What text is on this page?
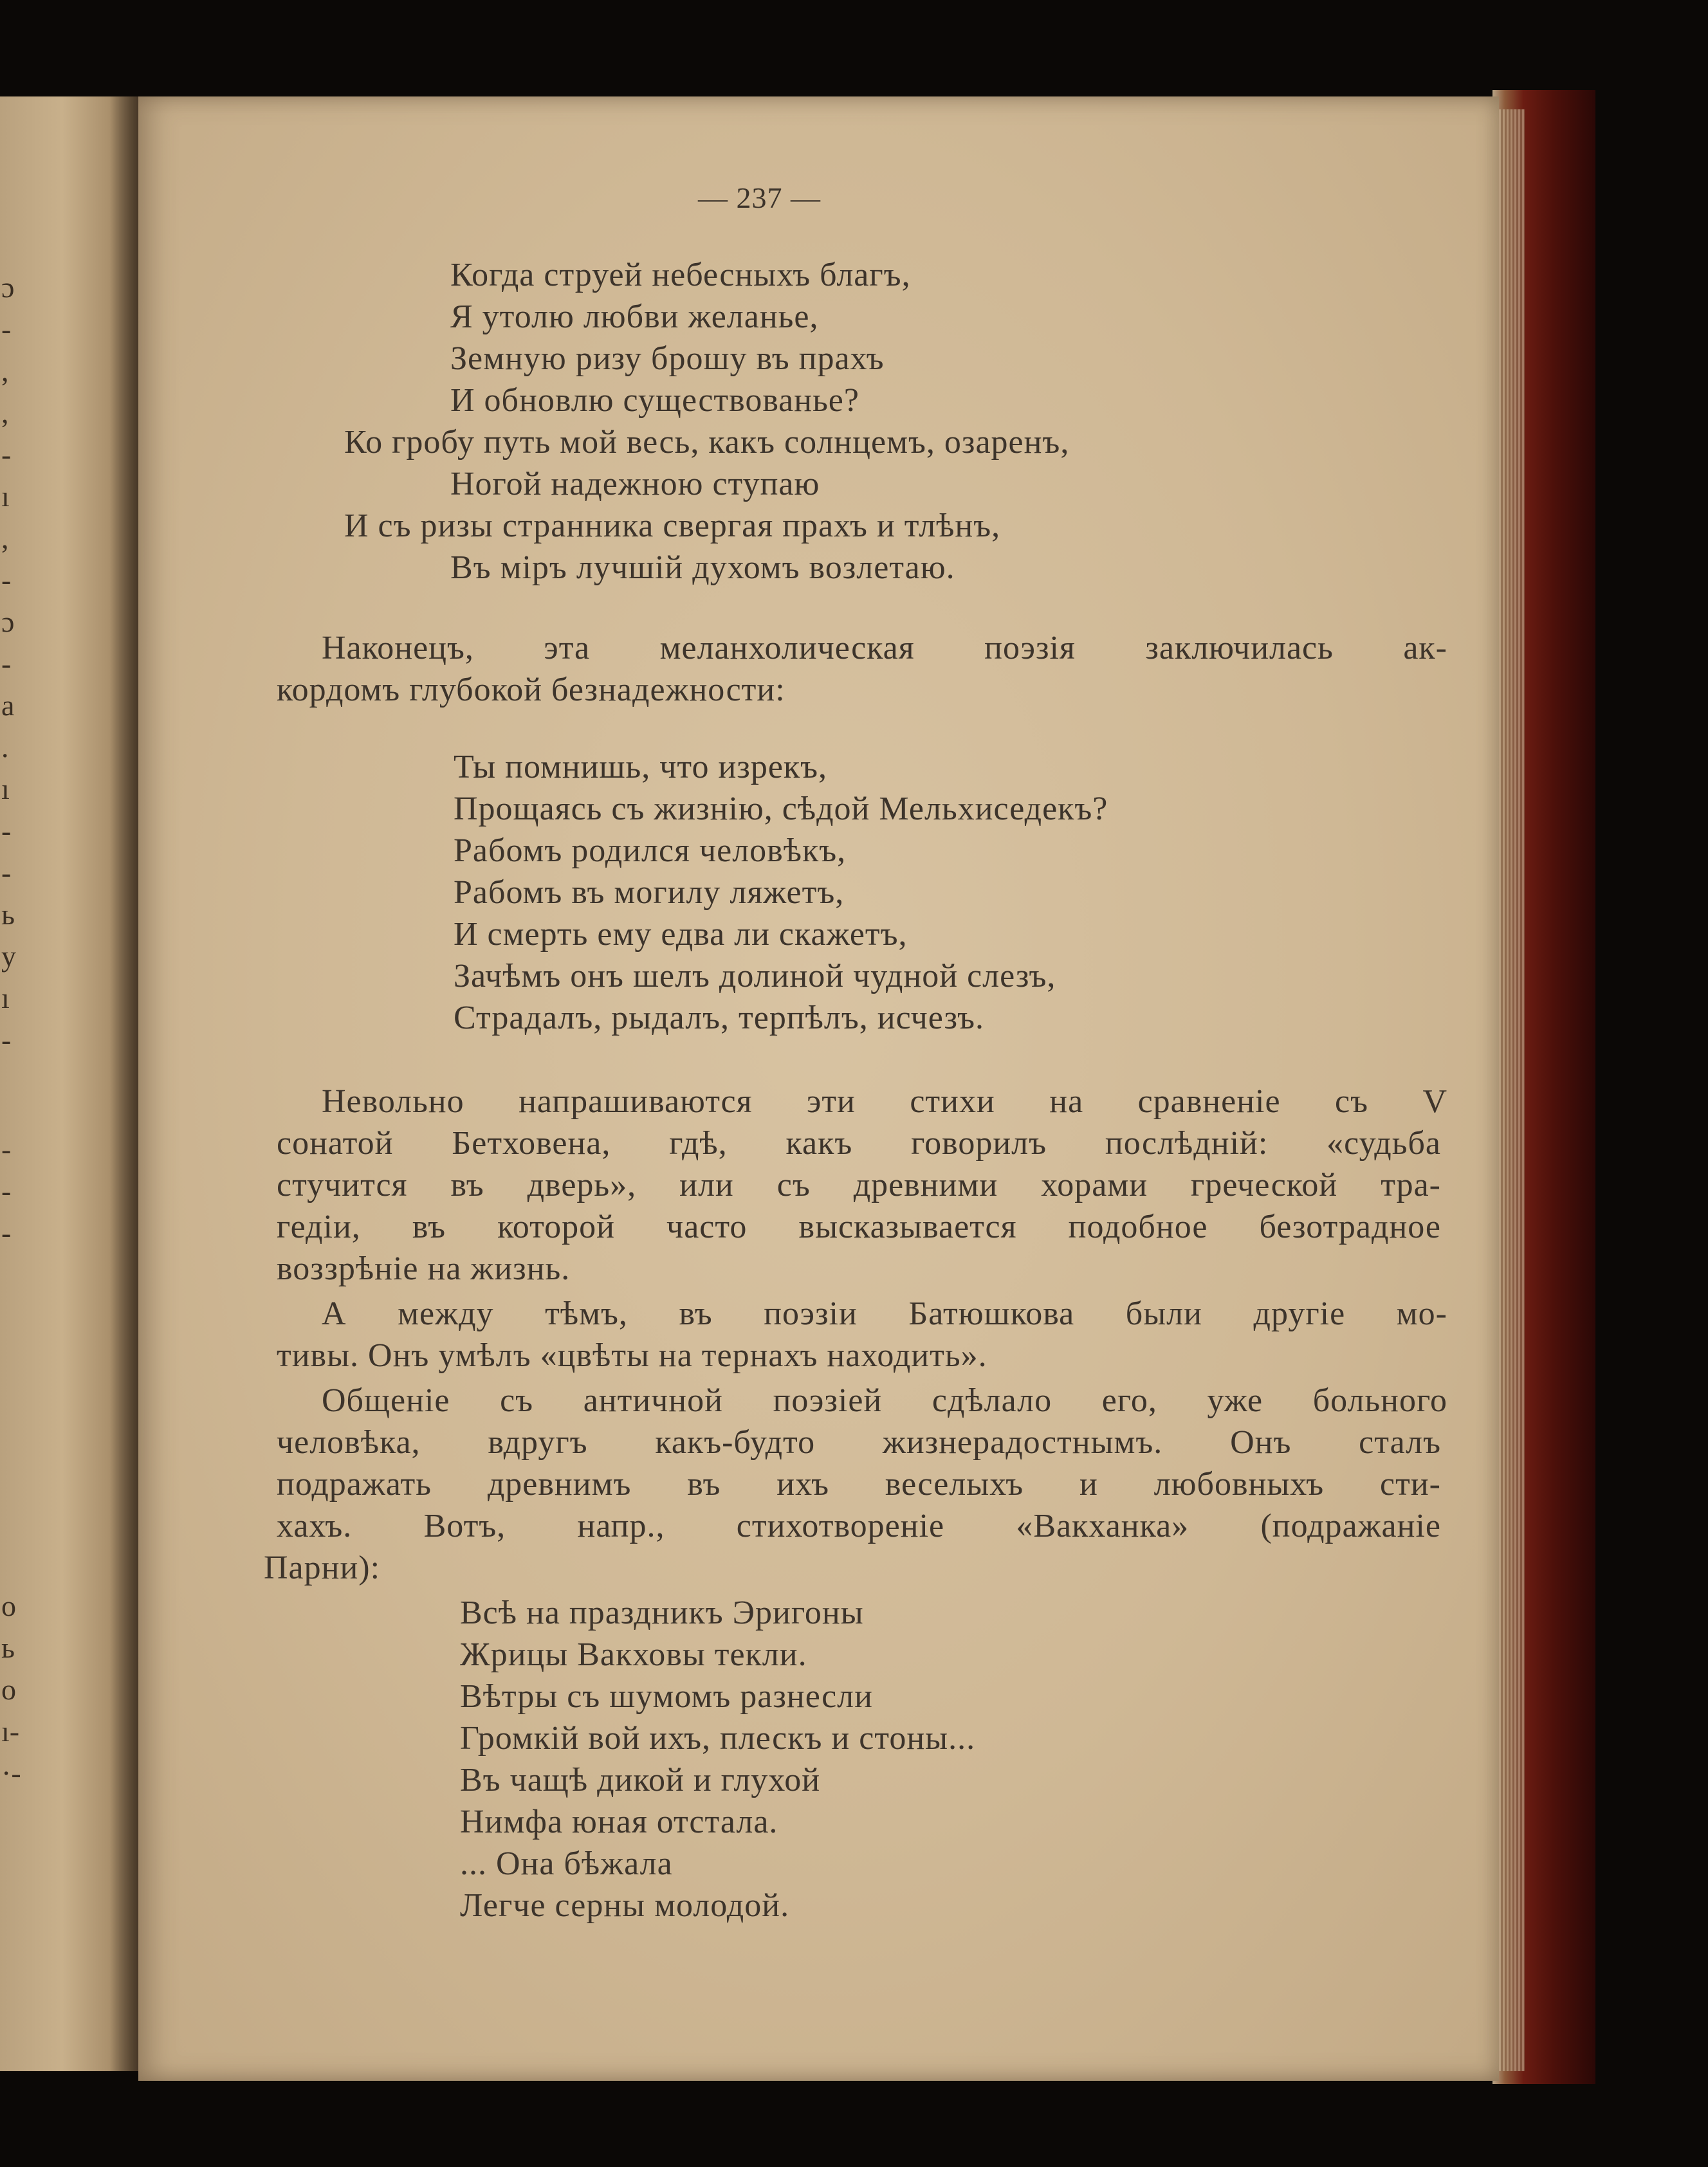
ɔ
-
,
,
-
ı
,
-
ɔ
-
a
.
ı
-
-
ь
y
ı
-
-
-
-
o
ь
o
ı-
·-
— 237 —
Когда струей небесныхъ благъ,
Я утолю любви желанье,
Земную ризу брошу въ прахъ
И обновлю существованье?
Ко гробу путь мой весь, какъ солнцемъ, озаренъ,
Ногой надежною ступаю
И съ ризы странника свергая прахъ и тлѣнъ,
Въ міръ лучшій духомъ возлетаю.
Наконецъ, эта меланхолическая поэзія заключилась ак-
кордомъ глубокой безнадежности:
Ты помнишь, что изрекъ,
Прощаясь съ жизнію, сѣдой Мельхиседекъ?
Рабомъ родился человѣкъ,
Рабомъ въ могилу ляжетъ,
И смерть ему едва ли скажетъ,
Зачѣмъ онъ шелъ долиной чудной слезъ,
Страдалъ, рыдалъ, терпѣлъ, исчезъ.
Невольно напрашиваются эти стихи на сравненіе съ V
сонатой Бетховена, гдѣ, какъ говорилъ послѣдній: «судьба
стучится въ дверь», или съ древними хорами греческой тра-
гедіи, въ которой часто высказывается подобное безотрадное
воззрѣніе на жизнь.
А между тѣмъ, въ поэзіи Батюшкова были другіе мо-
тивы. Онъ умѣлъ «цвѣты на тернахъ находить».
Общеніе съ античной поэзіей сдѣлало его, уже больного
человѣка, вдругъ какъ-будто жизнерадостнымъ. Онъ сталъ
подражать древнимъ въ ихъ веселыхъ и любовныхъ сти-
хахъ. Вотъ, напр., стихотвореніе «Вакханка» (подражаніе
Парни):
Всѣ на праздникъ Эригоны
Жрицы Вакховы текли.
Вѣтры съ шумомъ разнесли
Громкій вой ихъ, плескъ и стоны...
Въ чащѣ дикой и глухой
Нимфа юная отстала.
... Она бѣжала
Легче серны молодой.
